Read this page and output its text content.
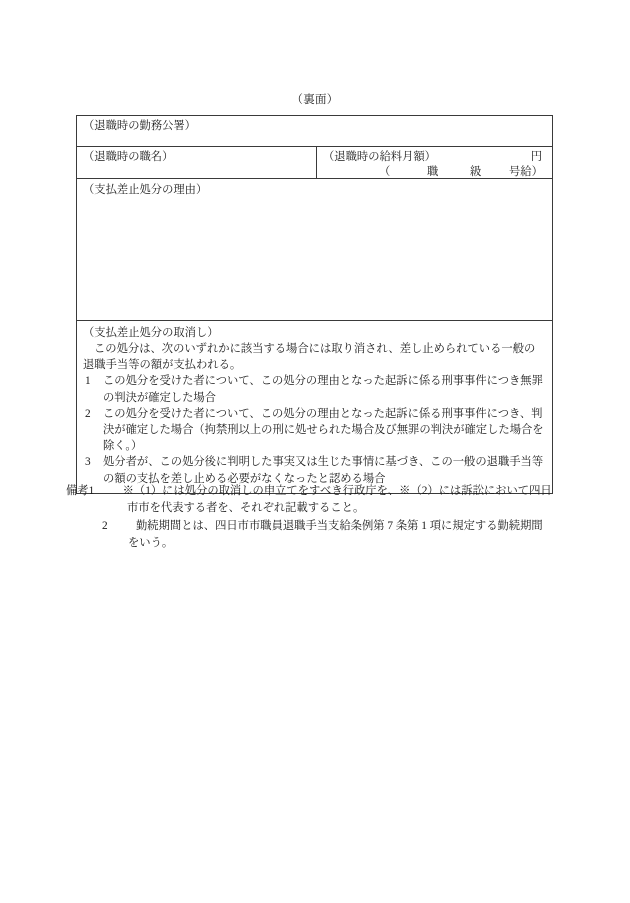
（裏面）
（退職時の勤務公署）
（退職時の職名）	（退職時の給料月額）	円
（	職	級 号給）
（支払差止処分の理由）
（支払差止処分の取消し）

この処分は、次のいずれかに該当する場合には取り消され、差し止められている一般の退職手当等の額が支払われる。

1 この処分を受けた者について、この処分の理由となった起訴に係る刑事事件につき無罪の判決が確定した場合

2 この処分を受けた者について、この処分の理由となった起訴に係る刑事事件につき、判決が確定した場合（拘禁刑以上の刑に処せられた場合及び無罪の判決が確定した場合を除く。）

3 処分者が、この処分後に判明した事実又は生じた事情に基づき、この一般の退職手当等の額の支払を差し止める必要がなくなったと認める場合

備考 1	※（1）には処分の取消しの申立てをすべき行政庁を、※（2）には訴訟において四日
市市を代表する者を、それぞれ記載すること。
2	勤続期間とは、四日市市職員退職手当支給条例第 7 条第 1 項に規定する勤続期間
をいう。
